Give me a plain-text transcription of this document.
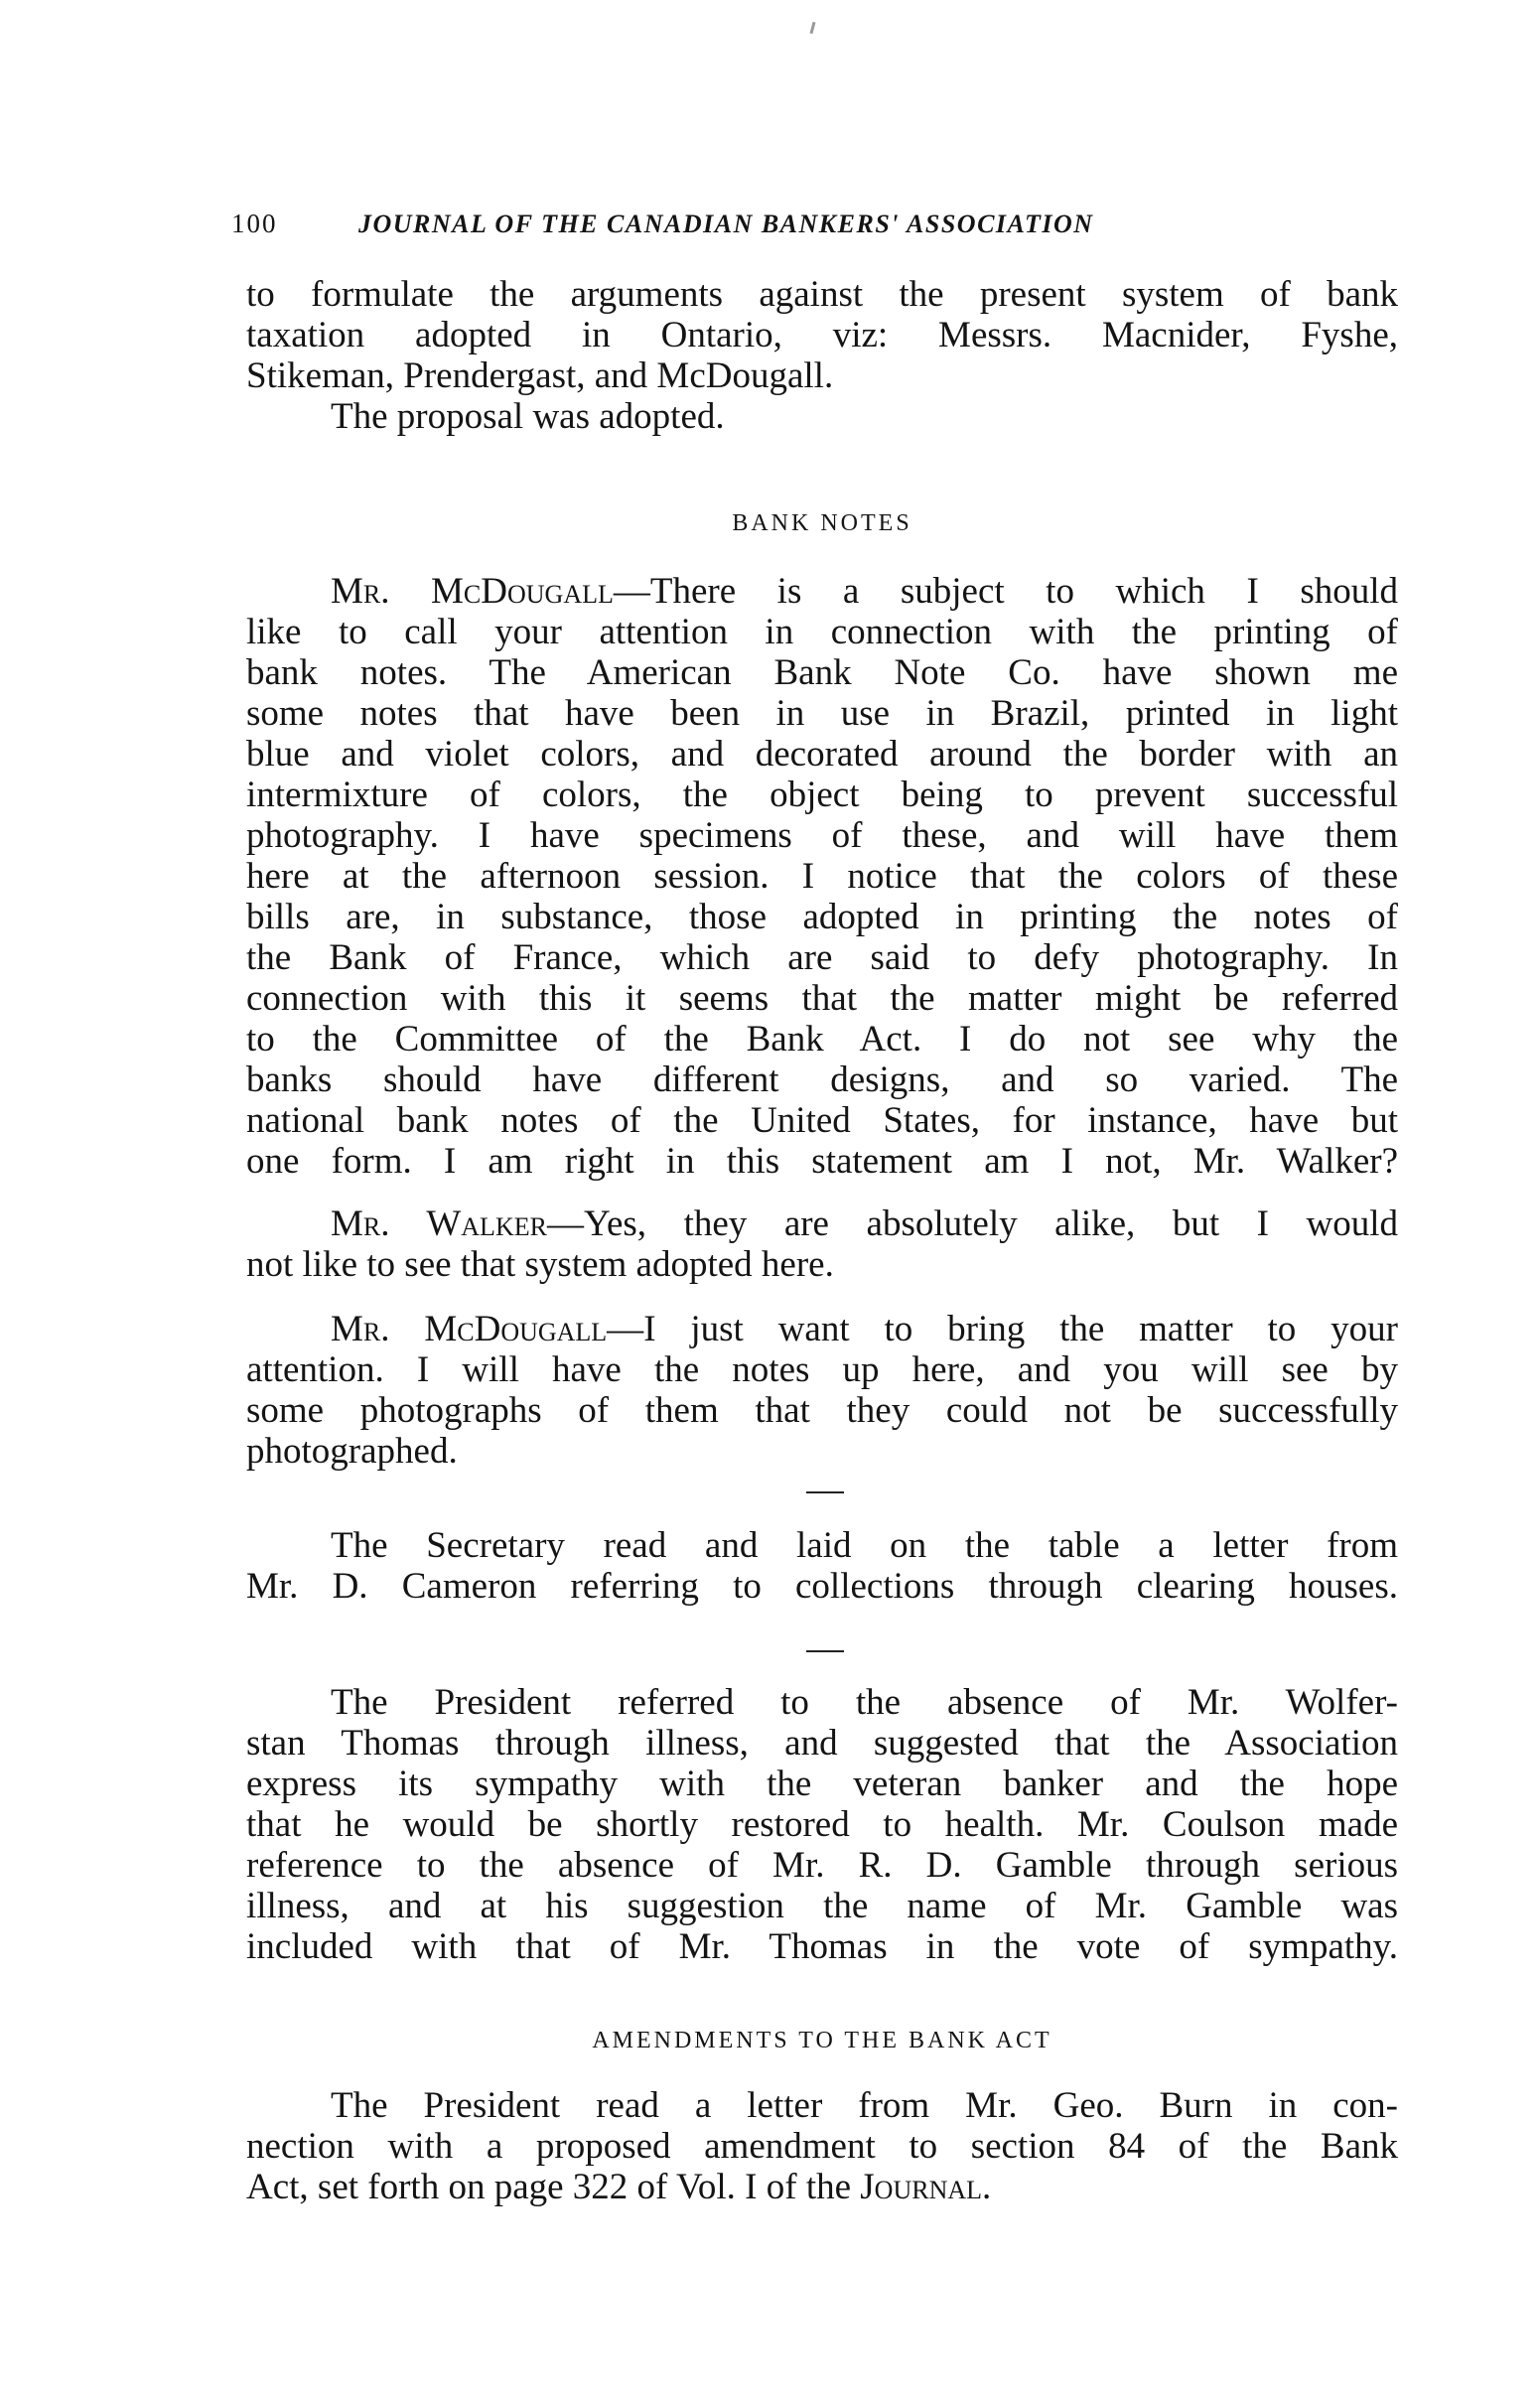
100	JOURNAL OF THE CANADIAN BANKERS' ASSOCIATION
to formulate the arguments against the present system of bank
taxation adopted in Ontario, viz: Messrs. Macnider, Fyshe,
Stikeman, Prendergast, and McDougall.
The proposal was adopted.
BANK NOTES
Mr. McDougall—There is a subject to which I should
like to call your attention in connection with the printing of
bank notes. The American Bank Note Co. have shown me
some notes that have been in use in Brazil, printed in light
blue and violet colors, and decorated around the border with an
intermixture of colors, the object being to prevent successful
photography. I have specimens of these, and will have them
here at the afternoon session. I notice that the colors of these
bills are, in substance, those adopted in printing the notes of
the Bank of France, which are said to defy photography. In
connection with this it seems that the matter might be referred
to the Committee of the Bank Act. I do not see why the
banks should have different designs, and so varied. The
national bank notes of the United States, for instance, have but
one form. I am right in this statement am I not, Mr. Walker?
Mr. Walker—Yes, they are absolutely alike, but I would
not like to see that system adopted here.
Mr. McDougall—I just want to bring the matter to your
attention. I will have the notes up here, and you will see by
some photographs of them that they could not be successfully
photographed.
The Secretary read and laid on the table a letter from
Mr. D. Cameron referring to collections through clearing houses.
The President referred to the absence of Mr. Wolfer-
stan Thomas through illness, and suggested that the Association
express its sympathy with the veteran banker and the hope
that he would be shortly restored to health. Mr. Coulson made
reference to the absence of Mr. R. D. Gamble through serious
illness, and at his suggestion the name of Mr. Gamble was
included with that of Mr. Thomas in the vote of sympathy.
AMENDMENTS TO THE BANK ACT
The President read a letter from Mr. Geo. Burn in con-
nection with a proposed amendment to section 84 of the Bank
Act, set forth on page 322 of Vol. I of the Journal.
